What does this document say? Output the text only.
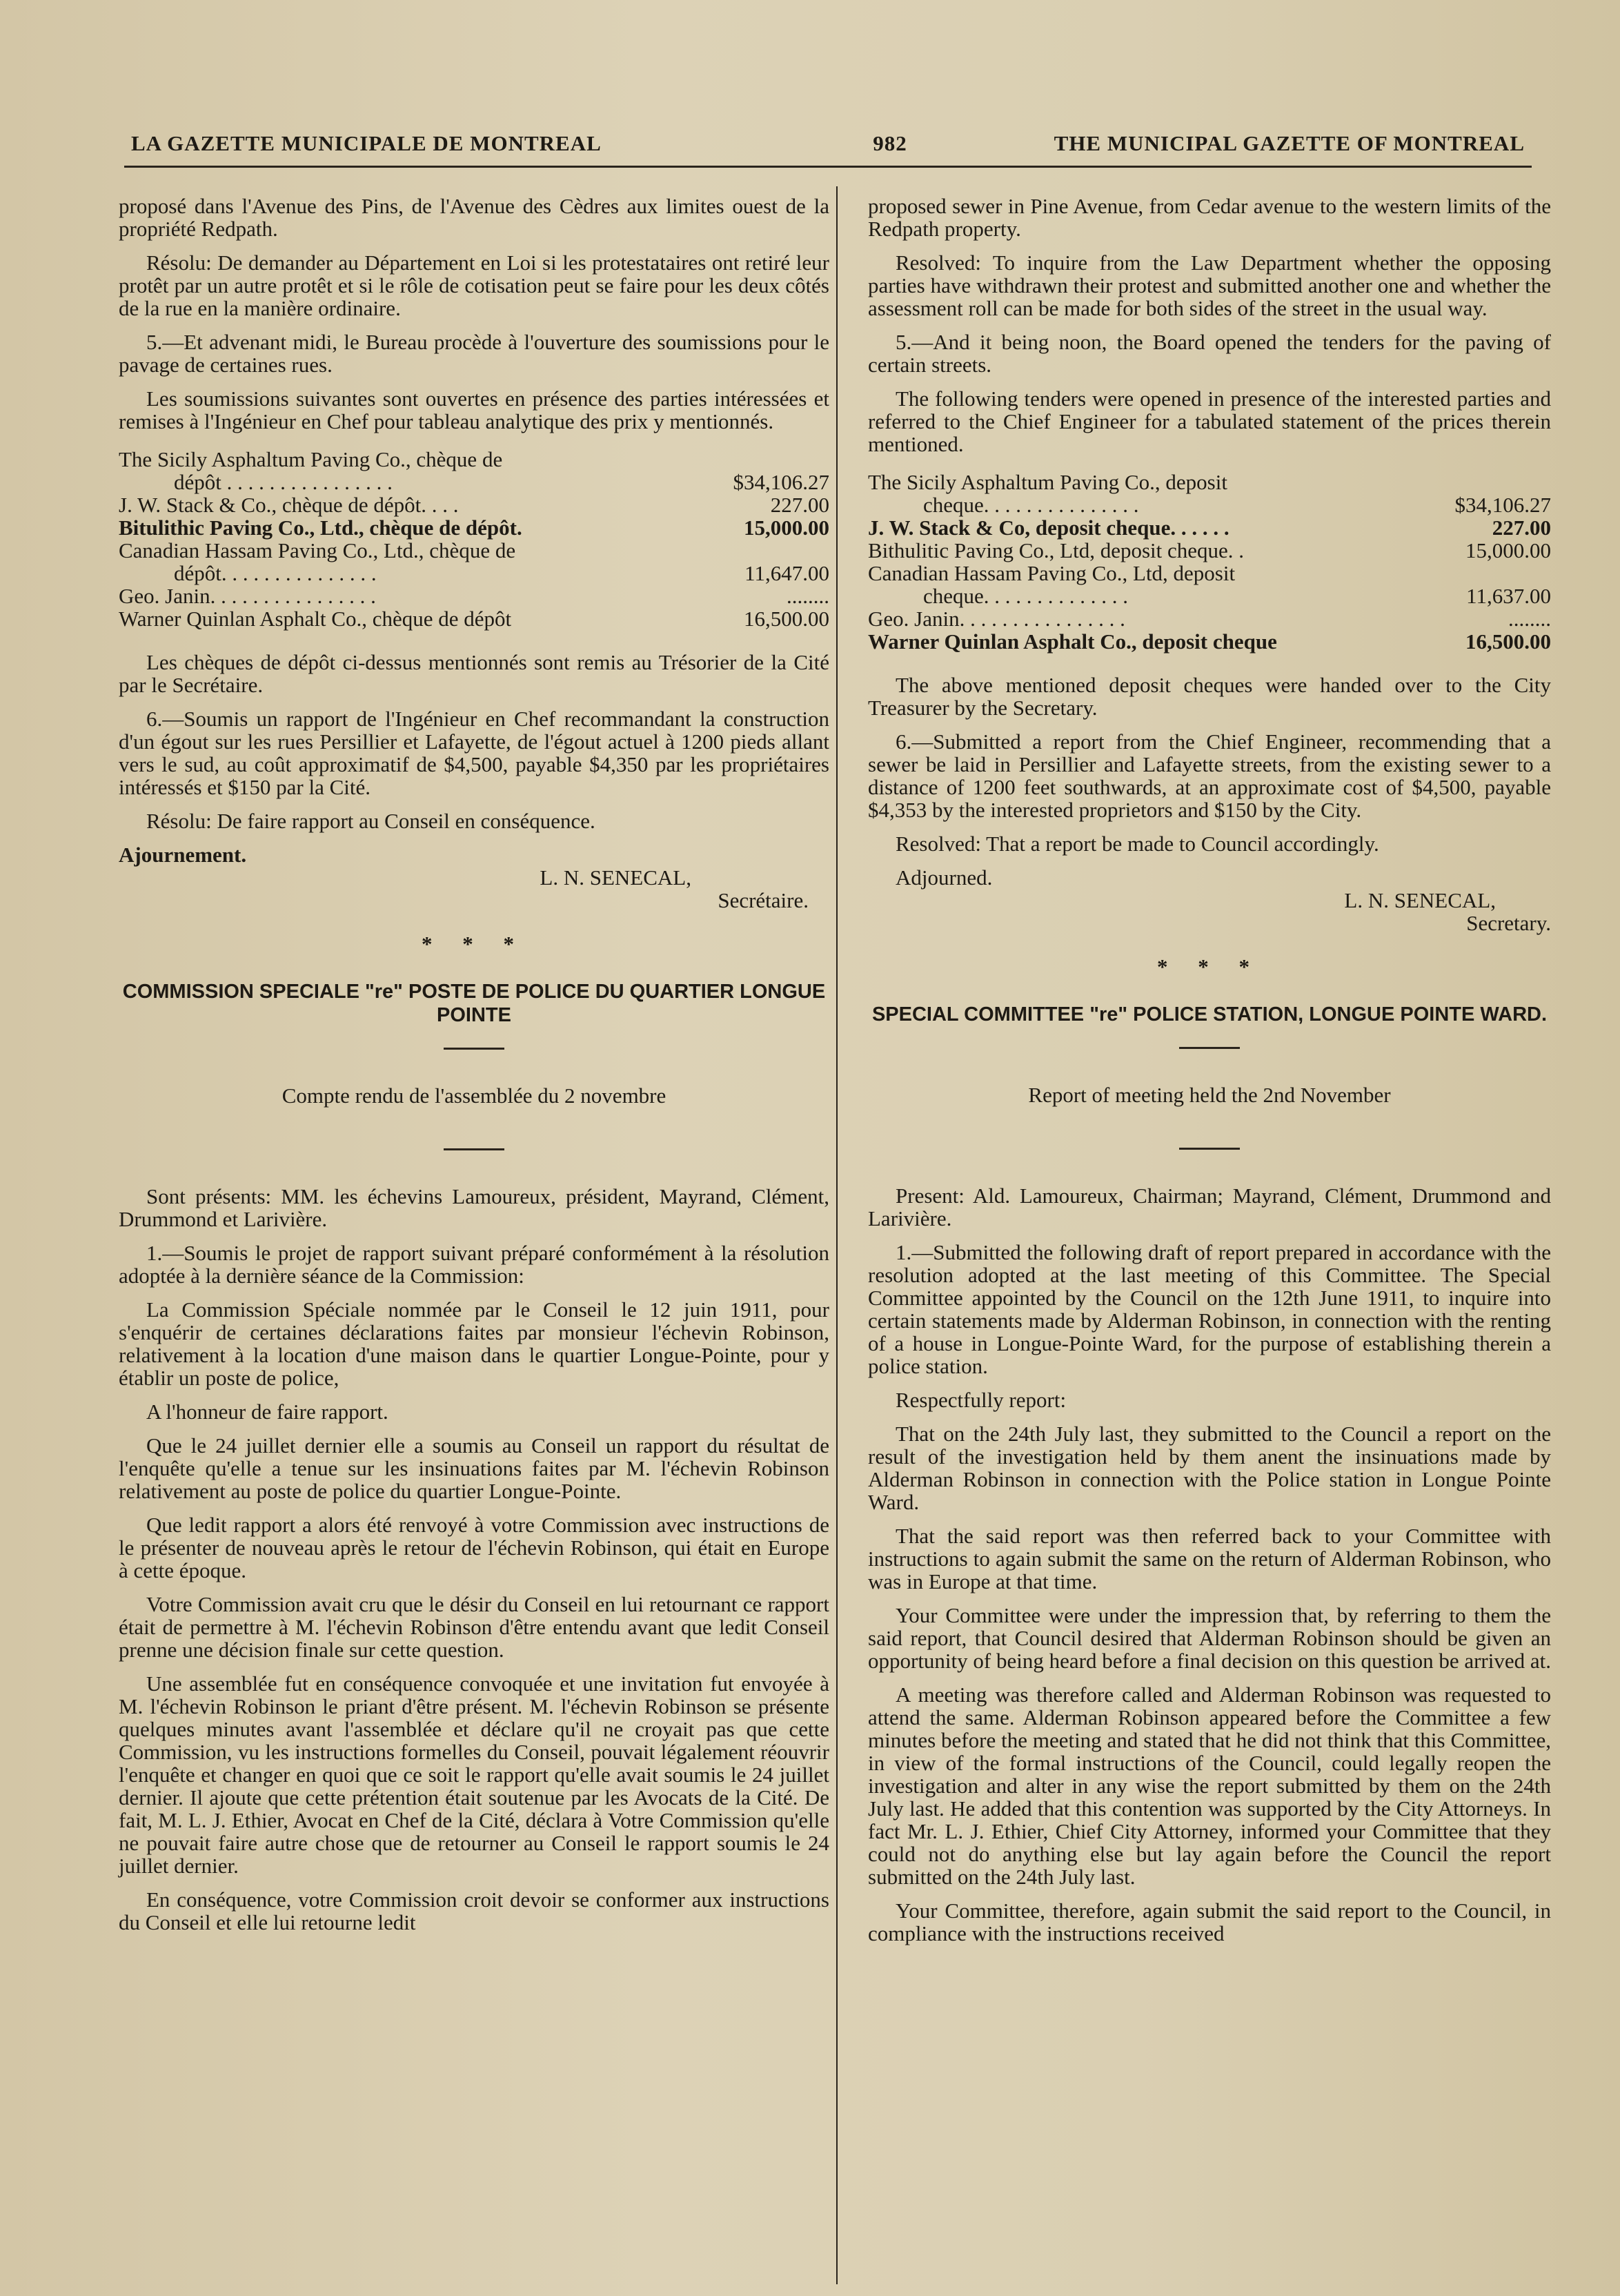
LA GAZETTE MUNICIPALE DE MONTREAL	982	THE MUNICIPAL GAZETTE OF MONTREAL

proposé dans l'Avenue des Pins, de l'Avenue des Cèdres aux limites ouest de la propriété Redpath.

Résolu: De demander au Département en Loi si les protestataires ont retiré leur protêt par un autre protêt et si le rôle de cotisation peut se faire pour les deux côtés de la rue en la manière ordinaire.

5.—Et advenant midi, le Bureau procède à l'ouverture des soumissions pour le pavage de certaines rues.

Les soumissions suivantes sont ouvertes en présence des parties intéressées et remises à l'Ingénieur en Chef pour tableau analytique des prix y mentionnés.

The Sicily Asphaltum Paving Co., chèque de
dépôt . . . . . . . . . . . . . . . .	$34,106.27
J. W. Stack & Co., chèque de dépôt. . . .	227.00
Bitulithic Paving Co., Ltd., chèque de dépôt.	15,000.00
Canadian Hassam Paving Co., Ltd., chèque de
dépôt. . . . . . . . . . . . . . .	11,647.00
Geo. Janin. . . . . . . . . . . . . . . .	........
Warner Quinlan Asphalt Co., chèque de dépôt	16,500.00

Les chèques de dépôt ci-dessus mentionnés sont remis au Trésorier de la Cité par le Secrétaire.

6.—Soumis un rapport de l'Ingénieur en Chef recommandant la construction d'un égout sur les rues Persillier et Lafayette, de l'égout actuel à 1200 pieds allant vers le sud, au coût approximatif de $4,500, payable $4,350 par les propriétaires intéressés et $150 par la Cité.

Résolu: De faire rapport au Conseil en conséquence.

Ajournement.

L. N. SENECAL,
Secrétaire.
* * *
COMMISSION SPECIALE "re" POSTE DE POLICE DU QUARTIER LONGUE POINTE
Compte rendu de l'assemblée du 2 novembre

Sont présents: MM. les échevins Lamoureux, président, Mayrand, Clément, Drummond et Larivière.

1.—Soumis le projet de rapport suivant préparé conformément à la résolution adoptée à la dernière séance de la Commission:

La Commission Spéciale nommée par le Conseil le 12 juin 1911, pour s'enquérir de certaines déclarations faites par monsieur l'échevin Robinson, relativement à la location d'une maison dans le quartier Longue-Pointe, pour y établir un poste de police,

A l'honneur de faire rapport.

Que le 24 juillet dernier elle a soumis au Conseil un rapport du résultat de l'enquête qu'elle a tenue sur les insinuations faites par M. l'échevin Robinson relativement au poste de police du quartier Longue-Pointe.

Que ledit rapport a alors été renvoyé à votre Commission avec instructions de le présenter de nouveau après le retour de l'échevin Robinson, qui était en Europe à cette époque.

Votre Commission avait cru que le désir du Conseil en lui retournant ce rapport était de permettre à M. l'échevin Robinson d'être entendu avant que ledit Conseil prenne une décision finale sur cette question.

Une assemblée fut en conséquence convoquée et une invitation fut envoyée à M. l'échevin Robinson le priant d'être présent. M. l'échevin Robinson se présente quelques minutes avant l'assemblée et déclare qu'il ne croyait pas que cette Commission, vu les instructions formelles du Conseil, pouvait légalement réouvrir l'enquête et changer en quoi que ce soit le rapport qu'elle avait soumis le 24 juillet dernier. Il ajoute que cette prétention était soutenue par les Avocats de la Cité. De fait, M. L. J. Ethier, Avocat en Chef de la Cité, déclara à Votre Commission qu'elle ne pouvait faire autre chose que de retourner au Conseil le rapport soumis le 24 juillet dernier.

En conséquence, votre Commission croit devoir se conformer aux instructions du Conseil et elle lui retourne ledit

proposed sewer in Pine Avenue, from Cedar avenue to the western limits of the Redpath property.

Resolved: To inquire from the Law Department whether the opposing parties have withdrawn their protest and submitted another one and whether the assessment roll can be made for both sides of the street in the usual way.

5.—And it being noon, the Board opened the tenders for the paving of certain streets.

The following tenders were opened in presence of the interested parties and referred to the Chief Engineer for a tabulated statement of the prices therein mentioned.

The Sicily Asphaltum Paving Co., deposit
cheque. . . . . . . . . . . . . . .	$34,106.27
J. W. Stack & Co, deposit cheque. . . . . .	227.00
Bithulitic Paving Co., Ltd, deposit cheque. .	15,000.00
Canadian Hassam Paving Co., Ltd, deposit
cheque. . . . . . . . . . . . . .	11,637.00
Geo. Janin. . . . . . . . . . . . . . . .	........
Warner Quinlan Asphalt Co., deposit cheque	16,500.00

The above mentioned deposit cheques were handed over to the City Treasurer by the Secretary.

6.—Submitted a report from the Chief Engineer, recommending that a sewer be laid in Persillier and Lafayette streets, from the existing sewer to a distance of 1200 feet southwards, at an approximate cost of $4,500, payable $4,353 by the interested proprietors and $150 by the City.

Resolved: That a report be made to Council accordingly.

Adjourned.

L. N. SENECAL,
Secretary.
* * *
SPECIAL COMMITTEE "re" POLICE STATION, LONGUE POINTE WARD.
Report of meeting held the 2nd November

Present: Ald. Lamoureux, Chairman; Mayrand, Clément, Drummond and Larivière.

1.—Submitted the following draft of report prepared in accordance with the resolution adopted at the last meeting of this Committee. The Special Committee appointed by the Council on the 12th June 1911, to inquire into certain statements made by Alderman Robinson, in connection with the renting of a house in Longue-Pointe Ward, for the purpose of establishing therein a police station.

Respectfully report:

That on the 24th July last, they submitted to the Council a report on the result of the investigation held by them anent the insinuations made by Alderman Robinson in connection with the Police station in Longue Pointe Ward.

That the said report was then referred back to your Committee with instructions to again submit the same on the return of Alderman Robinson, who was in Europe at that time.

Your Committee were under the impression that, by referring to them the said report, that Council desired that Alderman Robinson should be given an opportunity of being heard before a final decision on this question be arrived at.

A meeting was therefore called and Alderman Robinson was requested to attend the same. Alderman Robinson appeared before the Committee a few minutes before the meeting and stated that he did not think that this Committee, in view of the formal instructions of the Council, could legally reopen the investigation and alter in any wise the report submitted by them on the 24th July last. He added that this contention was supported by the City Attorneys. In fact Mr. L. J. Ethier, Chief City Attorney, informed your Committee that they could not do anything else but lay again before the Council the report submitted on the 24th July last.

Your Committee, therefore, again submit the said report to the Council, in compliance with the instructions received
